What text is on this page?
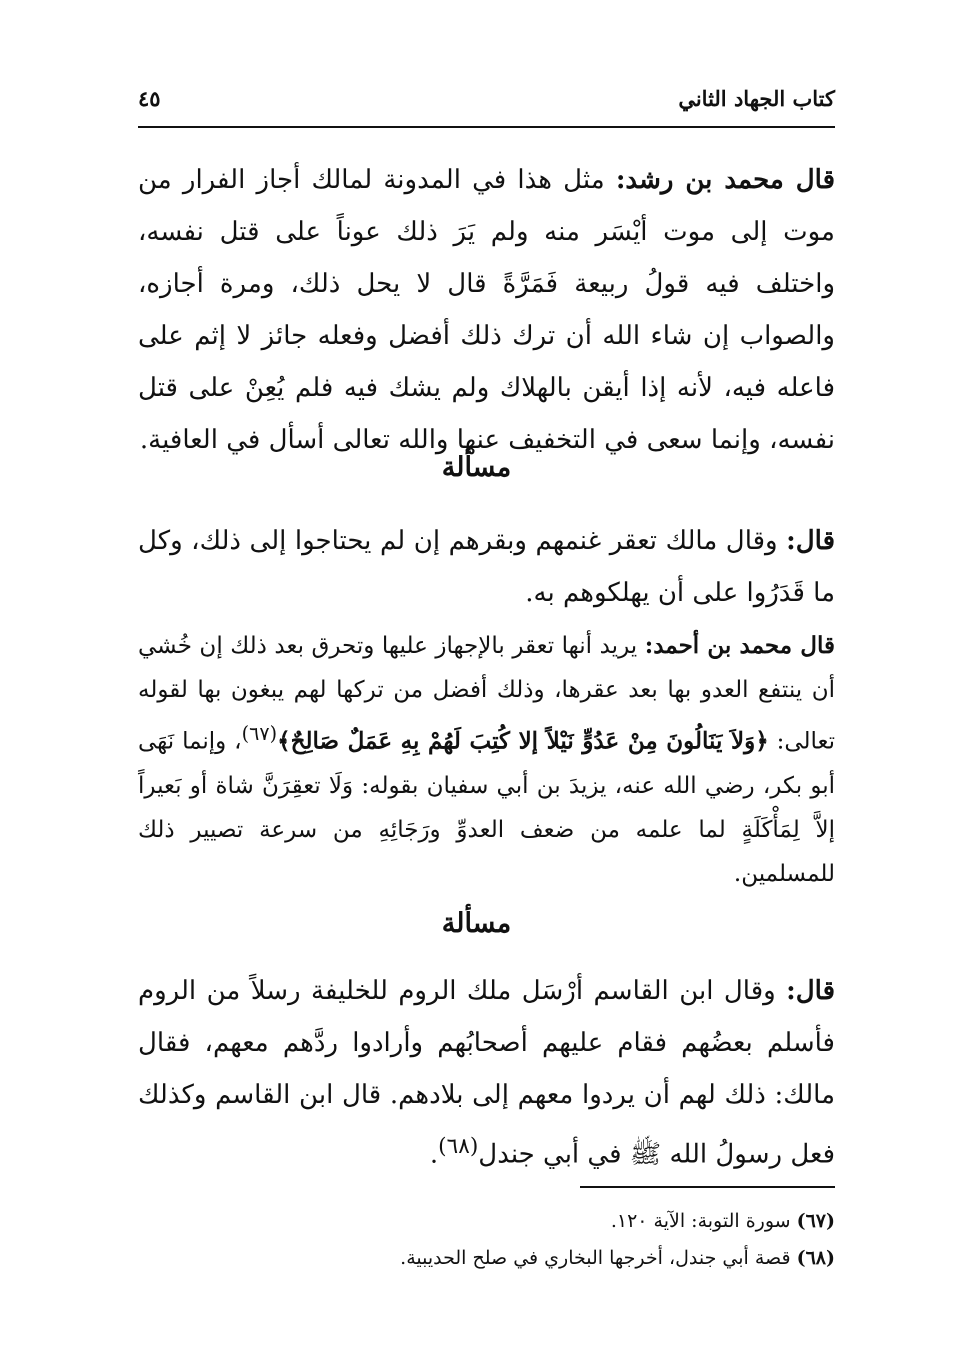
كتاب الجهاد الثاني
٤٥
قال محمد بن رشد: مثل هذا في المدونة لمالك أجاز الفرار من موت إلى موت أيْسَر منه ولم يَرَ ذلك عوناً على قتل نفسه، واختلف فيه قولُ ربيعة فَمَرَّةً قال لا يحل ذلك، ومرة أجازه، والصواب إن شاء الله أن ترك ذلك أفضل وفعله جائز لا إثم على فاعله فيه، لأنه إذا أيقن بالهلاك ولم يشك فيه فلم يُعِنْ على قتل نفسه، وإنما سعى في التخفيف عنها والله تعالى أسأل في العافية.
مسألة
قال: وقال مالك تعقر غنمهم وبقرهم إن لم يحتاجوا إلى ذلك، وكل ما قَدَرُوا على أن يهلكوهم به.
قال محمد بن أحمد: يريد أنها تعقر بالإجهاز عليها وتحرق بعد ذلك إن خُشي أن ينتفع العدو بها بعد عقرها، وذلك أفضل من تركها لهم يبغون بها لقوله تعالى: ﴿وَلاَ يَنَالُونَ مِنْ عَدُوٍّ نَيْلاً إلا كُتِبَ لَهُمْ بِهِ عَمَلٌ صَالِحٌ﴾$^{(٦٧)}$، وإنما نَهَى أبو بكر، رضي الله عنه، يزيدَ بن أبي سفيان بقوله: وَلَا تعقِرَنَّ شاة أو بَعيراً إلاَّ لِمَأْكَلَةٍ لما علمه من ضعف العدوِّ ورَجَائِهِ من سرعة تصيير ذلك للمسلمين.
مسألة
قال: وقال ابن القاسم أرْسَل ملك الروم للخليفة رسلاً من الروم فأسلم بعضُهم فقام عليهم أصحابُهم وأرادوا ردَّهم معهم، فقال مالك: ذلك لهم أن يردوا معهم إلى بلادهم. قال ابن القاسم وكذلك فعل رسولُ الله ﷺ في أبي جندل$^{(٦٨)}$.
(٦٧)سورة التوبة: الآية ١٢٠.
(٦٨)قصة أبي جندل، أخرجها البخاري في صلح الحديبية.
